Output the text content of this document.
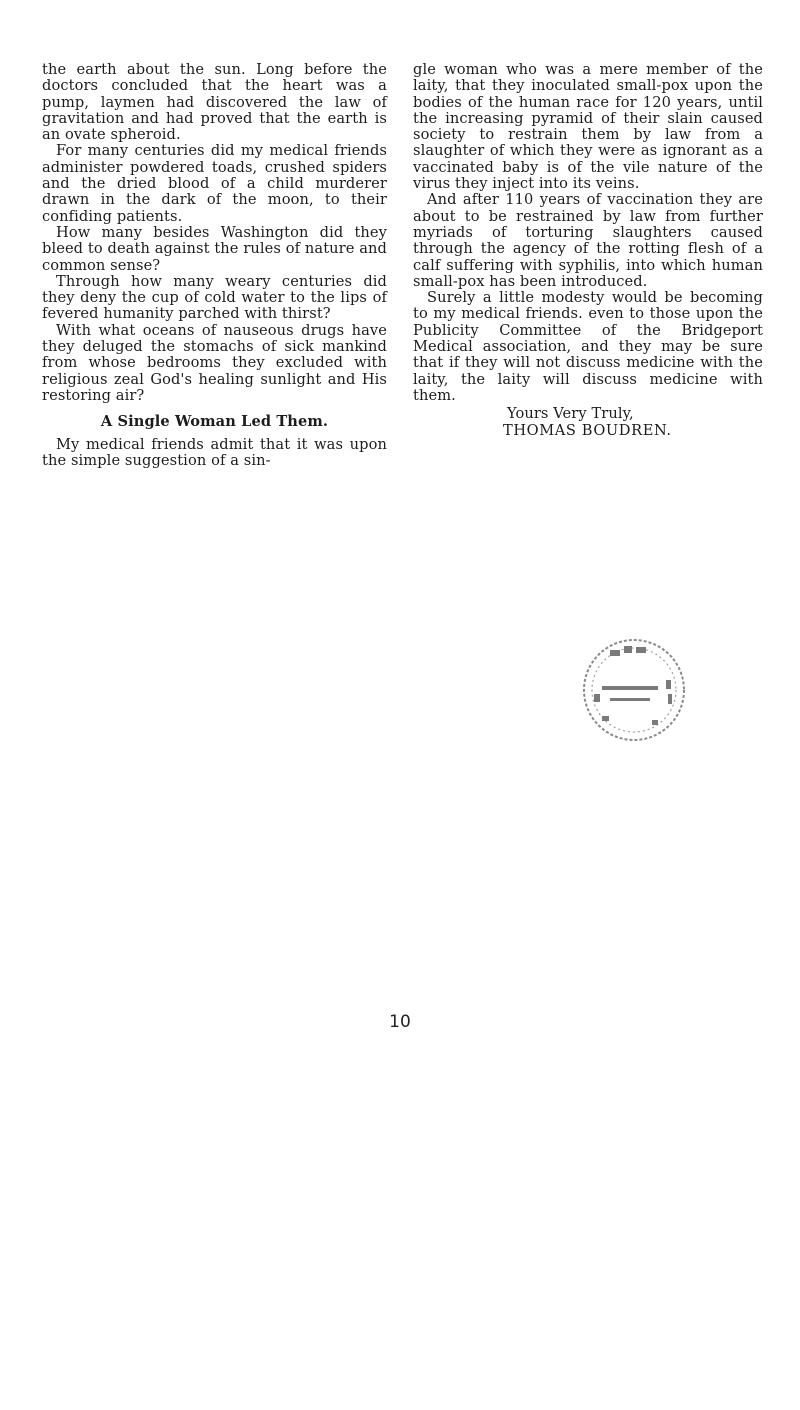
the earth about the sun. Long before the doctors concluded that the heart was a pump, laymen had discovered the law of gravitation and had proved that the earth is an ovate spheroid.

For many centuries did my medical friends administer powdered toads, crushed spiders and the dried blood of a child murderer drawn in the dark of the moon, to their confiding patients.

How many besides Washington did they bleed to death against the rules of nature and common sense?

Through how many weary centuries did they deny the cup of cold water to the lips of fevered humanity parched with thirst?

With what oceans of nauseous drugs have they deluged the stomachs of sick mankind from whose bedrooms they excluded with religious zeal God's healing sunlight and His restoring air?

A Single Woman Led Them.

My medical friends admit that it was upon the simple suggestion of a sin-

gle woman who was a mere member of the laity, that they inoculated small-pox upon the bodies of the human race for 120 years, until the increasing pyramid of their slain caused society to restrain them by law from a slaughter of which they were as ignorant as a vaccinated baby is of the vile nature of the virus they inject into its veins.

And after 110 years of vaccination they are about to be restrained by law from further myriads of torturing slaughters caused through the agency of the rotting flesh of a calf suffering with syphilis, into which human small-pox has been introduced.

Surely a little modesty would be becoming to my medical friends. even to those upon the Publicity Committee of the Bridgeport Medical association, and they may be sure that if they will not discuss medicine with the laity, the laity will discuss medicine with them.

Yours Very Truly,
THOMAS BOUDREN.
10
